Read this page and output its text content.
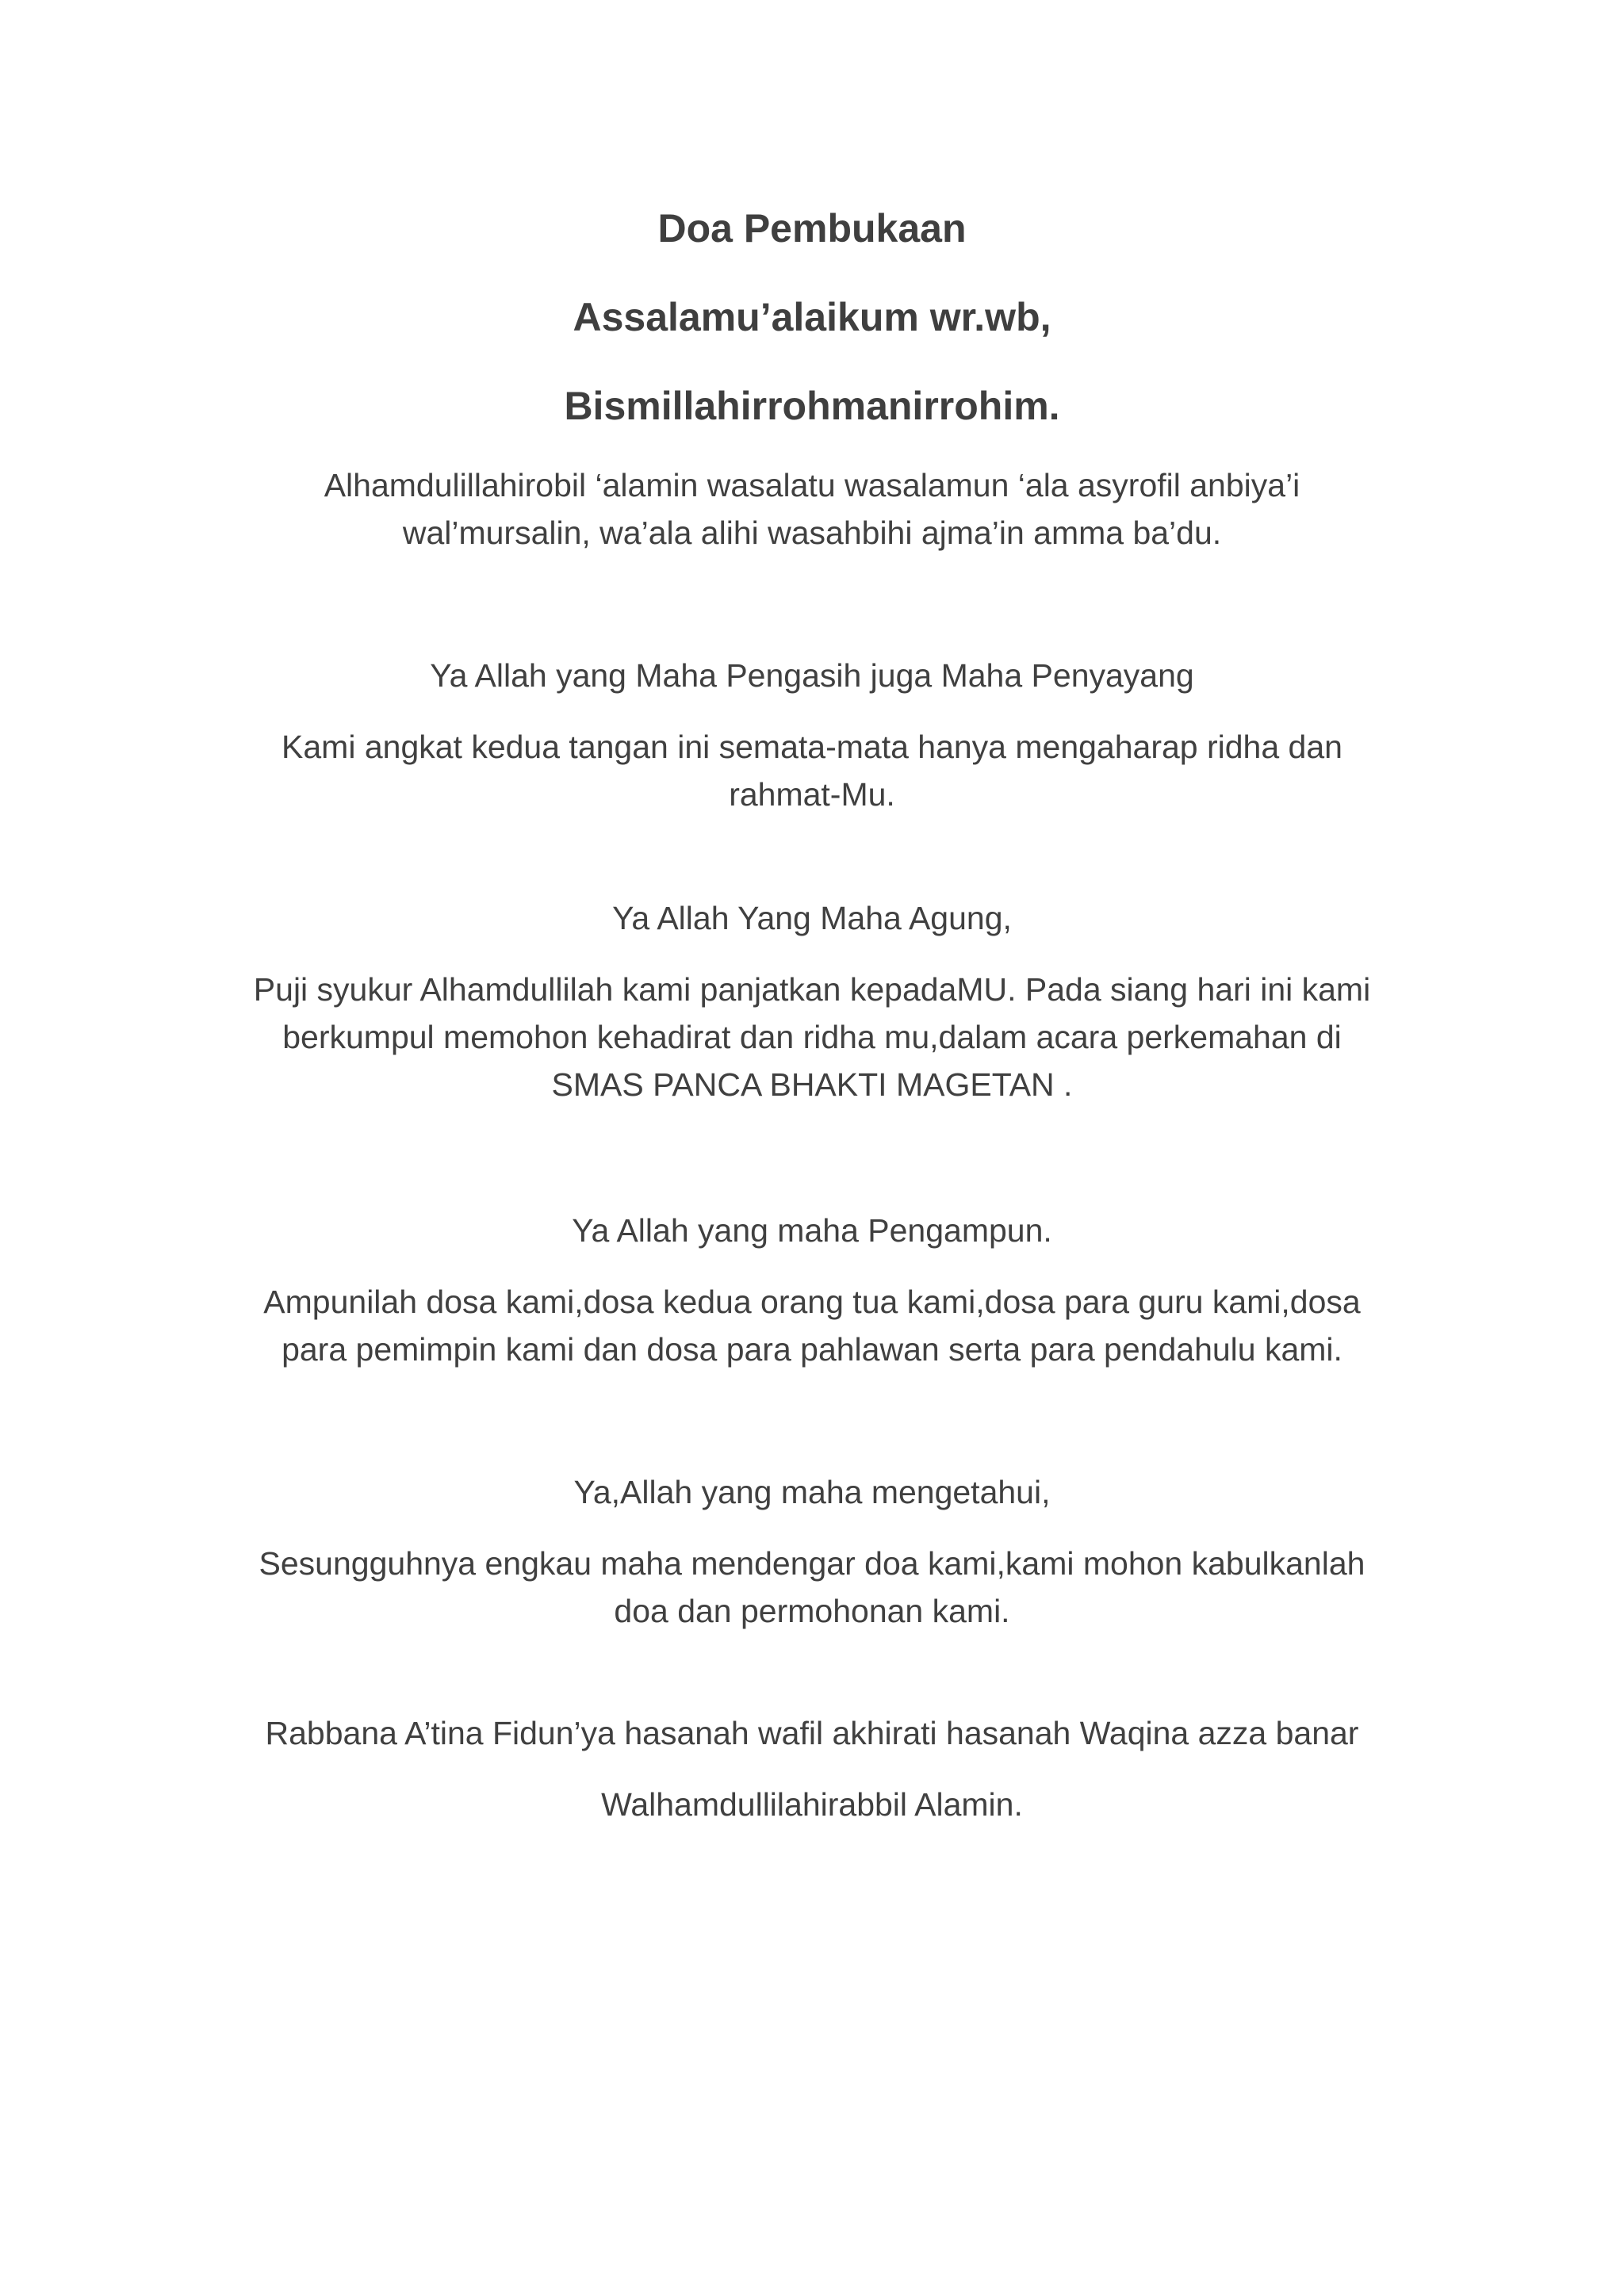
Doa Pembukaan
Assalamu’alaikum wr.wb,
Bismillahirrohmanirrohim.

Alhamdulillahirobil ‘alamin wasalatu wasalamun ‘ala asyrofil anbiya’i
wal’mursalin, wa’ala alihi wasahbihi ajma’in amma ba’du.

Ya Allah yang Maha Pengasih juga Maha Penyayang

Kami angkat kedua tangan ini semata-mata hanya mengaharap ridha dan
rahmat-Mu.

Ya Allah Yang Maha Agung,

Puji syukur Alhamdullilah kami panjatkan kepadaMU. Pada siang hari ini kami
berkumpul memohon kehadirat dan ridha mu,dalam acara perkemahan di
SMAS PANCA BHAKTI MAGETAN .

Ya Allah yang maha Pengampun.

Ampunilah dosa kami,dosa kedua orang tua kami,dosa para guru kami,dosa
para pemimpin kami dan dosa para pahlawan serta para pendahulu kami.

Ya,Allah yang maha mengetahui,

Sesungguhnya engkau maha mendengar doa kami,kami mohon kabulkanlah
doa dan permohonan kami.

Rabbana A’tina Fidun’ya hasanah wafil akhirati hasanah Waqina azza banar

Walhamdullilahirabbil Alamin.
